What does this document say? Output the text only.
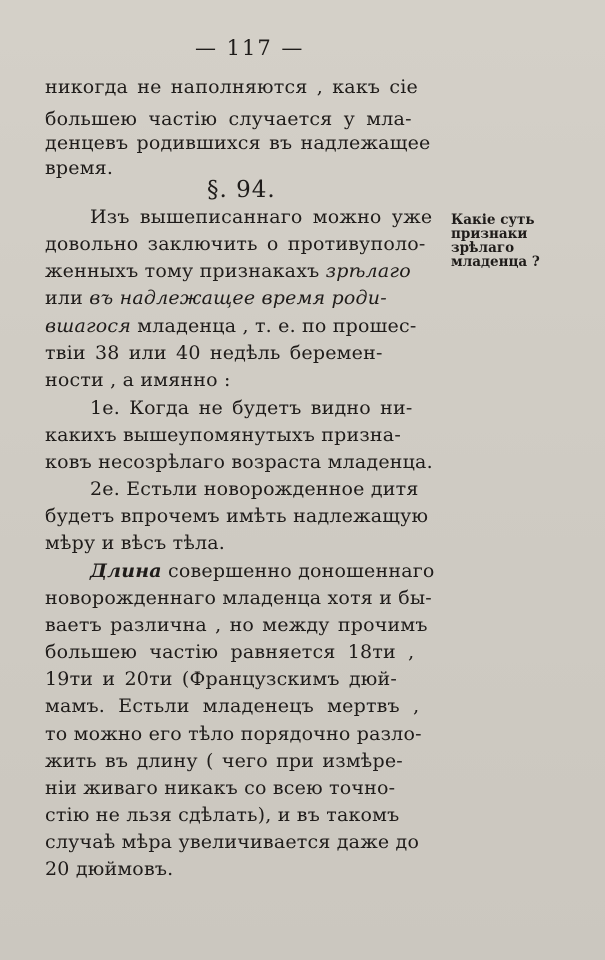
— 117 —
никогда не наполняются , какъ сіе
большею частію случается у мла-
денцевъ родившихся въ надлежащее
время.
§. 94.
Изъ вышеписаннаго можно уже
довольно заключить о противуполо-
женныхъ тому признакахъ зрѣлаго
или въ надлежащее время роди-
вшагося младенца , т. е. по прошес-
твіи 38 или 40 недѣль беремен-
ности , а имянно :
1е. Когда не будетъ видно ни-
какихъ вышеупомянутыхъ призна-
ковъ несозрѣлаго возраста младенца.
2е. Естьли новорожденное дитя
будетъ впрочемъ имѣть надлежащую
мѣру и вѣсъ тѣла.
Длина совершенно доношеннаго
новорожденнаго младенца хотя и бы-
ваетъ различна , но между прочимъ
большею частію равняется 18ти ,
19ти и 20ти (Французскимъ дюй-
мамъ. Естьли младенецъ мертвъ ,
то можно его тѣло порядочно разло-
жить въ длину ( чего при измѣре-
ніи живаго никакъ со всею точно-
стію не льзя сдѣлать), и въ такомъ
случаѣ мѣра увеличивается даже до
20 дюймовъ.
Какіе суть
признаки
зрѣлаго
младенца ?
